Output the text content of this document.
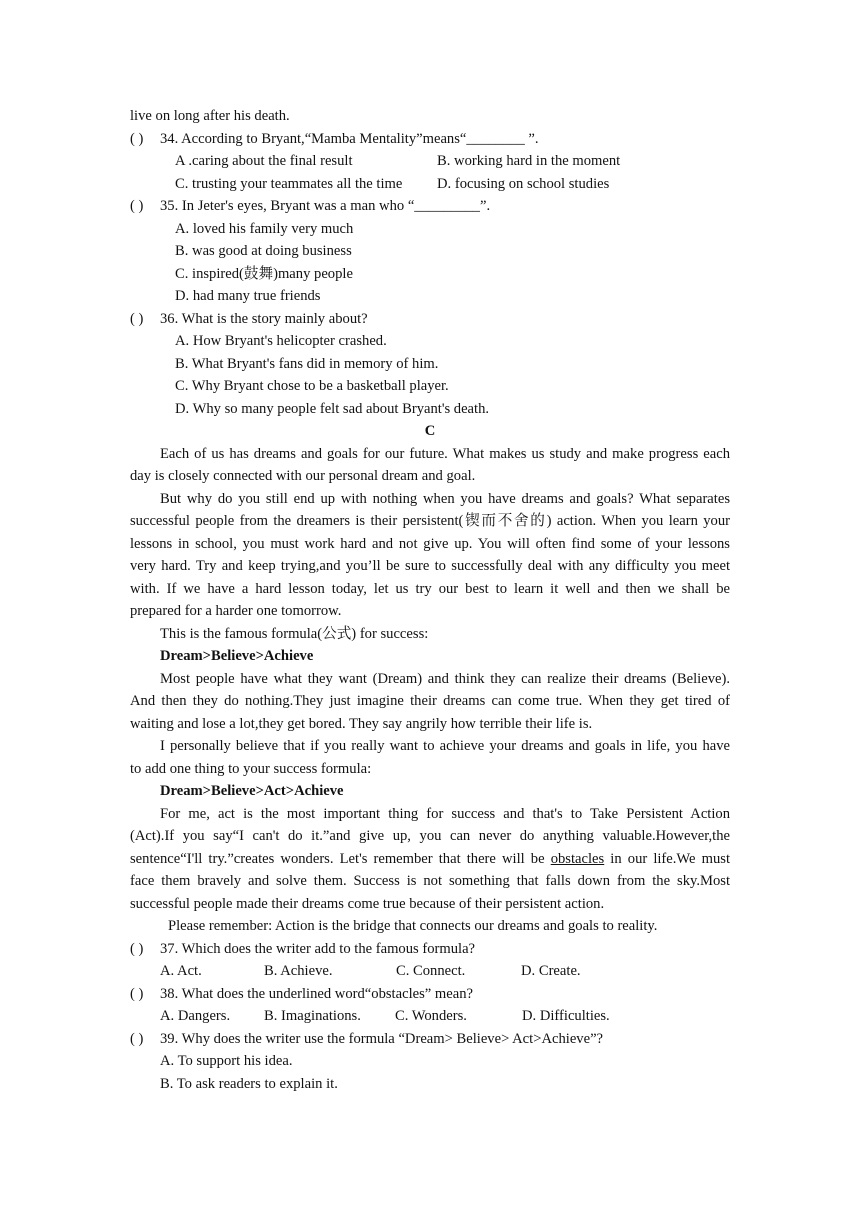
live on long after his death.
( )	34. According to Bryant,“Mamba Mentality”means“________ ”.
A .caring about the final result	B. working hard in the moment
C. trusting your teammates all the time	D. focusing on school studies
( )	35. In Jeter's eyes, Bryant was a man who “_________”.
A. loved his family very much
B. was good at doing business
C. inspired(鼓舞)many people
D. had many true friends
( )	36. What is the story mainly about?
A. How Bryant's helicopter crashed.
B. What Bryant's fans did in memory of him.
C. Why Bryant chose to be a basketball player.
D. Why so many people felt sad about Bryant's death.
C
Each of us has dreams and goals for our future. What makes us study and make progress each
day is closely connected with our personal dream and goal.
But why do you still end up with nothing when you have dreams and goals? What separates
successful people from the dreamers is their persistent(锲而不舍的) action. When you learn your
lessons in school, you must work hard and not give up. You will often find some of your lessons
very hard. Try and keep trying,and you’ll be sure to successfully deal with any difficulty you meet
with. If we have a hard lesson today, let us try our best to learn it well and then we shall be
prepared for a harder one tomorrow.
This is the famous formula(公式) for success:
Dream>Believe>Achieve
Most people have what they want (Dream) and think they can realize their dreams (Believe).
And then they do nothing.They just imagine their dreams can come true. When they get tired of
waiting and lose a lot,they get bored. They say angrily how terrible their life is.
I personally believe that if you really want to achieve your dreams and goals in life, you have
to add one thing to your success formula:
Dream>Believe>Act>Achieve
For me, act is the most important thing for success and that's to Take Persistent Action
(Act).If you say“I can't do it.”and give up, you can never do anything valuable.However,the
sentence“I'll try.”creates wonders. Let's remember that there will be obstacles in our life.We must
face them bravely and solve them. Success is not something that falls down from the sky.Most
successful people made their dreams come true because of their persistent action.
Please remember: Action is the bridge that connects our dreams and goals to reality.
( )	37. Which does the writer add to the famous formula?
A. Act.	B. Achieve.	C. Connect.	D. Create.
( )	38. What does the underlined word“obstacles” mean?
A. Dangers. B. Imaginations. C. Wonders.	D. Difficulties.
( )	39. Why does the writer use the formula “Dream> Believe> Act>Achieve”?
A. To support his idea.
B. To ask readers to explain it.
